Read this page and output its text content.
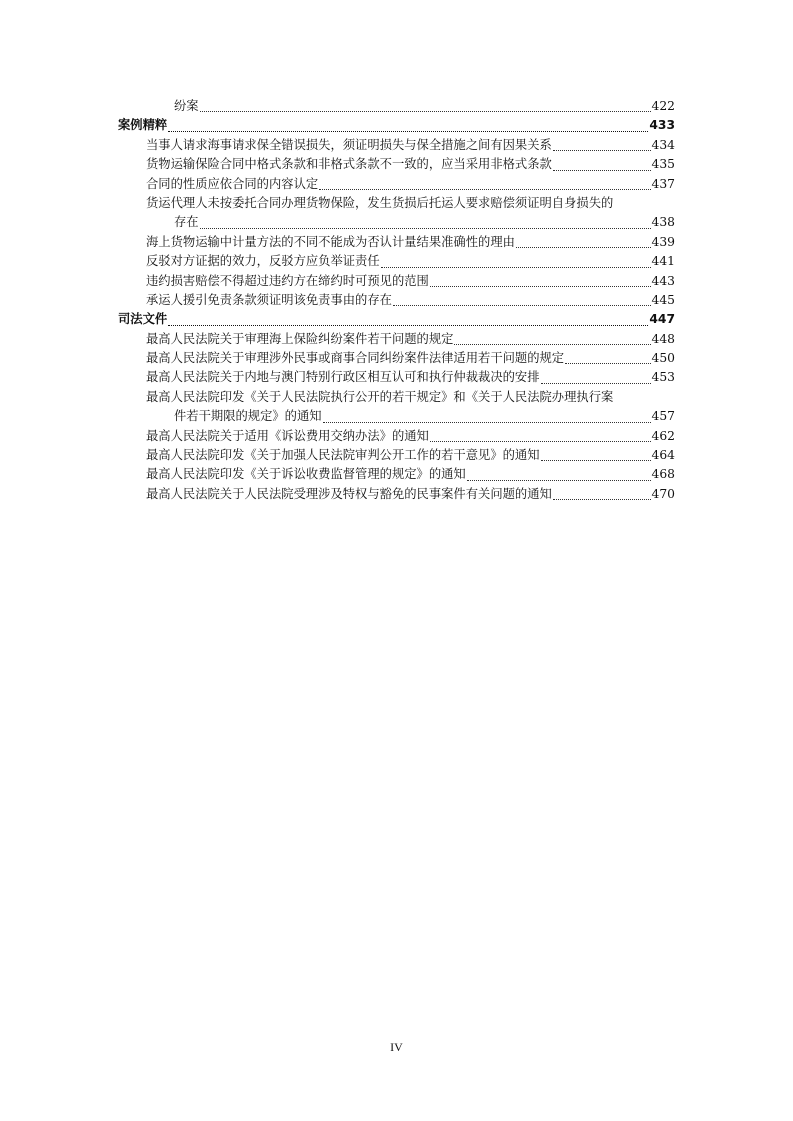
纷案	422
案例精粹	433
当事人请求海事请求保全错误损失，须证明损失与保全措施之间有因果关系	434
货物运输保险合同中格式条款和非格式条款不一致的，应当采用非格式条款	435
合同的性质应依合同的内容认定	437
货运代理人未按委托合同办理货物保险，发生货损后托运人要求赔偿须证明自身损失的
存在	438
海上货物运输中计量方法的不同不能成为否认计量结果准确性的理由	439
反驳对方证据的效力，反驳方应负举证责任	441
违约损害赔偿不得超过违约方在缔约时可预见的范围	443
承运人援引免责条款须证明该免责事由的存在	445
司法文件	447
最高人民法院关于审理海上保险纠纷案件若干问题的规定	448
最高人民法院关于审理涉外民事或商事合同纠纷案件法律适用若干问题的规定	450
最高人民法院关于内地与澳门特别行政区相互认可和执行仲裁裁决的安排	453
最高人民法院印发《关于人民法院执行公开的若干规定》和《关于人民法院办理执行案
件若干期限的规定》的通知	457
最高人民法院关于适用《诉讼费用交纳办法》的通知	462
最高人民法院印发《关于加强人民法院审判公开工作的若干意见》的通知	464
最高人民法院印发《关于诉讼收费监督管理的规定》的通知	468
最高人民法院关于人民法院受理涉及特权与豁免的民事案件有关问题的通知	470
IV
